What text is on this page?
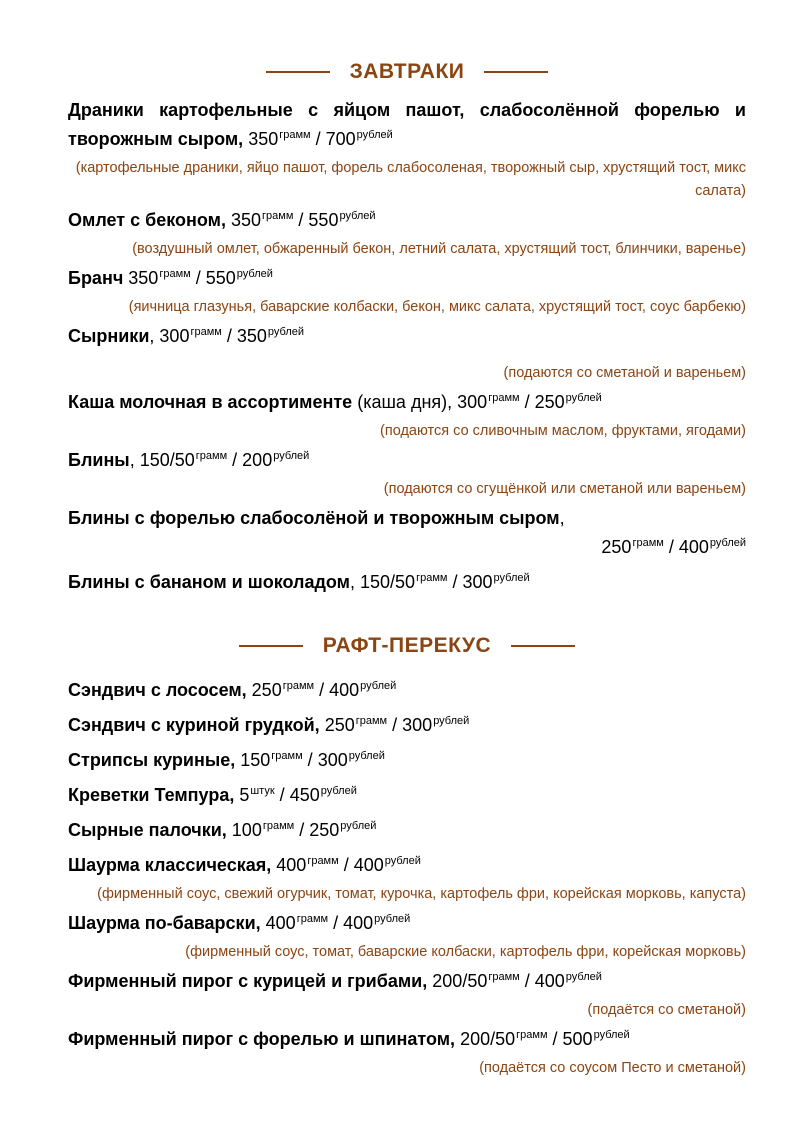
ЗАВТРАКИ
Драники картофельные с яйцом пашот, слабосолённой форелью и творожным сыром, $350^{грамм} / 700^{рублей}$
(картофельные драники, яйцо пашот, форель слабосоленая, творожный сыр, хрустящий тост, микс салата)
Омлет с беконом, $350^{грамм} / 550^{рублей}$
(воздушный омлет, обжаренный бекон, летний салата, хрустящий тост, блинчики, варенье)
Бранч $350^{грамм} / 550^{рублей}$
(яичница глазунья, баварские колбаски, бекон, микс салата, хрустящий тост, соус барбекю)
Сырники, $300^{грамм} / 350^{рублей}$
(подаются со сметаной и вареньем)
Каша молочная в ассортименте (каша дня), $300^{грамм} / 250^{рублей}$
(подаются со сливочным маслом, фруктами, ягодами)
Блины, $150/50^{грамм} / 200^{рублей}$
(подаются со сгущёнкой или сметаной или вареньем)
Блины с форелью слабосолёной и творожным сыром,
$250^{грамм} / 400^{рублей}$
Блины с бананом и шоколадом, $150/50^{грамм} / 300^{рублей}$
РАФТ-ПЕРЕКУС
Сэндвич с лососем, $250^{грамм} / 400^{рублей}$
Сэндвич с куриной грудкой, $250^{грамм} / 300^{рублей}$
Стрипсы куриные, $150^{грамм} / 300^{рублей}$
Креветки Темпура, $5^{штук} / 450^{рублей}$
Сырные палочки, $100^{грамм} / 250^{рублей}$
Шаурма классическая, $400^{грамм} / 400^{рублей}$
(фирменный соус, свежий огурчик, томат, курочка, картофель фри, корейская морковь, капуста)
Шаурма по-баварски, $400^{грамм} / 400^{рублей}$
(фирменный соус, томат, баварские колбаски, картофель фри, корейская морковь)
Фирменный пирог с курицей и грибами, $200/50^{грамм} / 400^{рублей}$
(подаётся со сметаной)
Фирменный пирог с форелью и шпинатом, $200/50^{грамм} / 500^{рублей}$
(подаётся со соусом Песто и сметаной)
